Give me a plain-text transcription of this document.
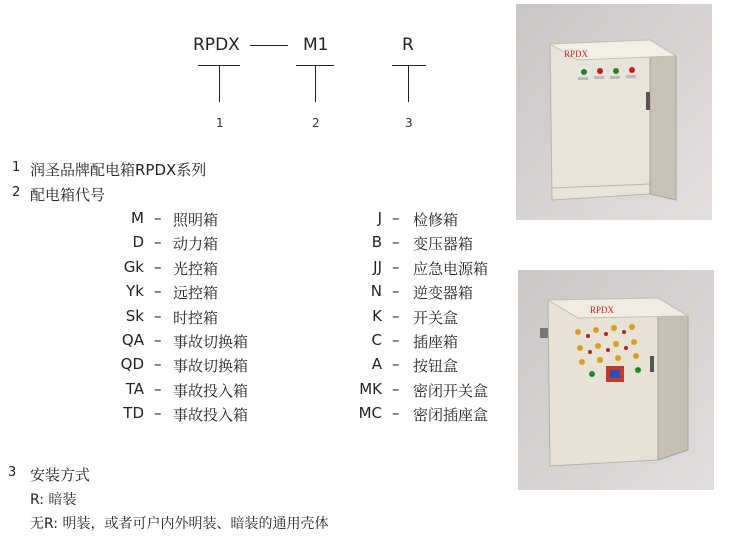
RPDX	M1	R
1	2	3
1 润圣品牌配电箱RPDX系列
2 配电箱代号
M – 照明箱
D – 动力箱
Gk – 光控箱
Yk – 远控箱
Sk – 时控箱
QA – 事故切换箱
QD – 事故切换箱
TA – 事故投入箱
TD – 事故投入箱
J – 检修箱
B – 变压器箱
JJ – 应急电源箱
N – 逆变器箱
K – 开关盒
C – 插座箱
A – 按钮盒
MK – 密闭开关盒
MC – 密闭插座盒
3 安装方式
R: 暗装
无R: 明装，或者可户内外明装、暗装的通用壳体
RPDX
RPDX
